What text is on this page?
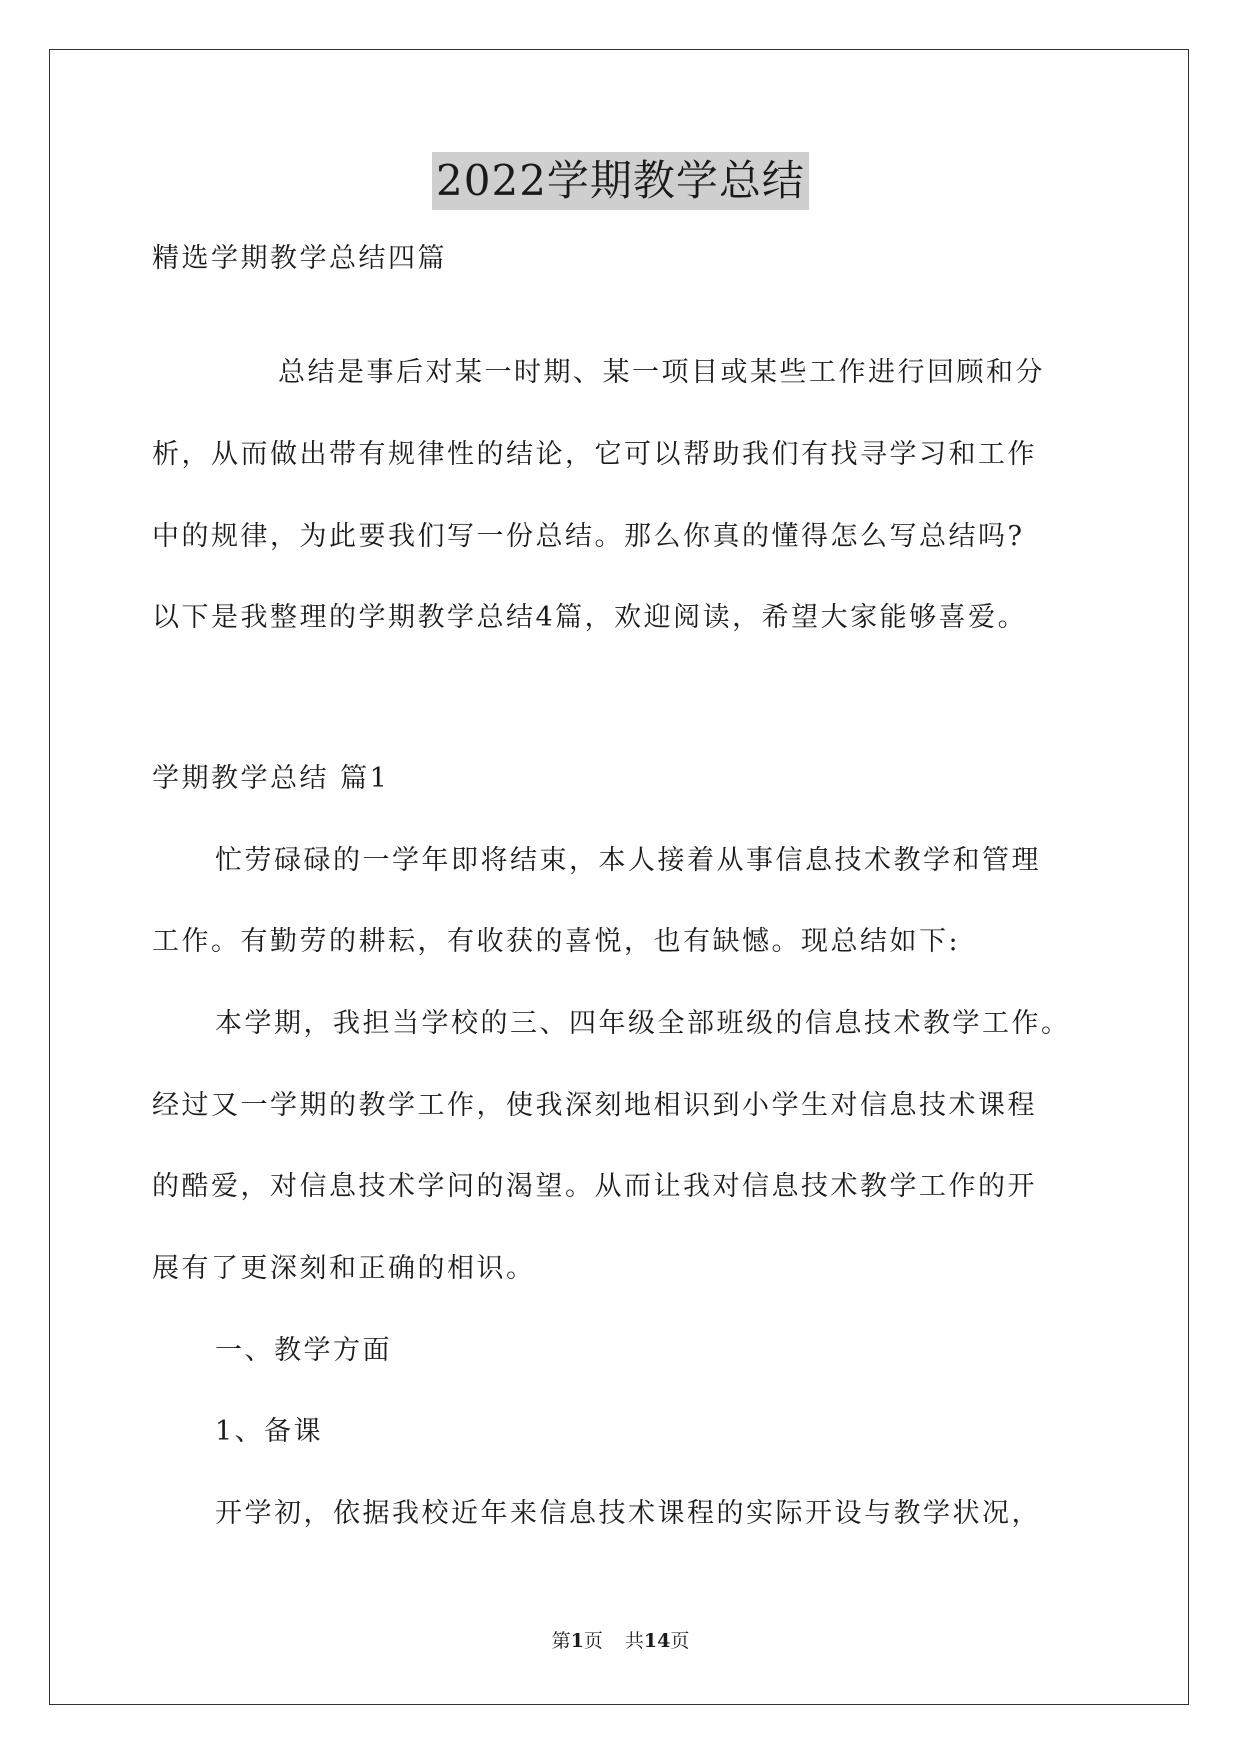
2022学期教学总结
精选学期教学总结四篇
总结是事后对某一时期、某一项目或某些工作进行回顾和分
析，从而做出带有规律性的结论，它可以帮助我们有找寻学习和工作
中的规律，为此要我们写一份总结。那么你真的懂得怎么写总结吗?
以下是我整理的学期教学总结4篇，欢迎阅读，希望大家能够喜爱。
学期教学总结 篇1
忙劳碌碌的一学年即将结束，本人接着从事信息技术教学和管理
工作。有勤劳的耕耘，有收获的喜悦，也有缺憾。现总结如下:
本学期，我担当学校的三、四年级全部班级的信息技术教学工作。
经过又一学期的教学工作，使我深刻地相识到小学生对信息技术课程
的酷爱，对信息技术学问的渴望。从而让我对信息技术教学工作的开
展有了更深刻和正确的相识。
一、教学方面
1、备课
开学初，依据我校近年来信息技术课程的实际开设与教学状况，
第1页 共14页
